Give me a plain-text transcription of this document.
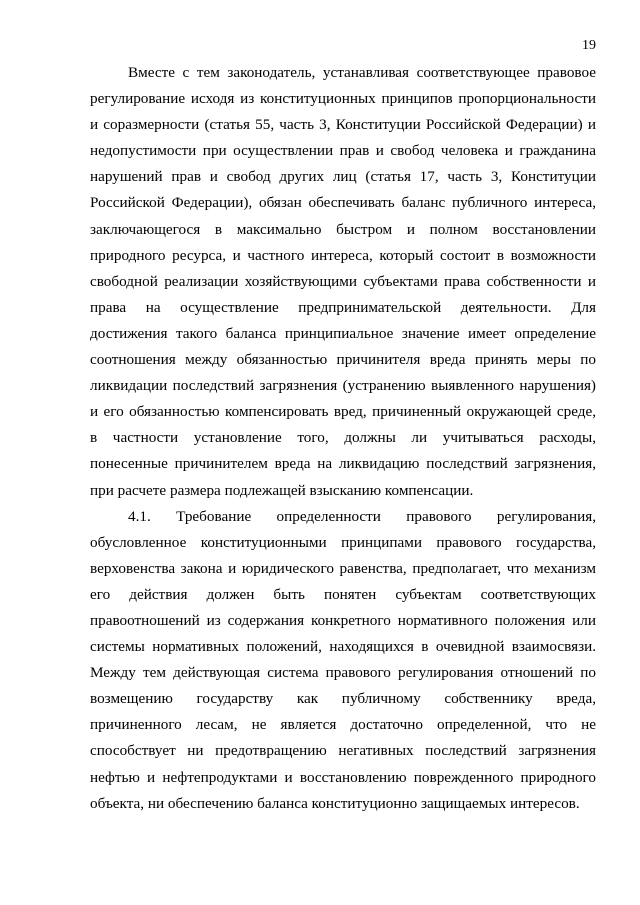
19
Вместе с тем законодатель, устанавливая соответствующее правовое
регулирование исходя из конституционных принципов пропорциональности
и соразмерности (статья 55, часть 3, Конституции Российской Федерации) и
недопустимости при осуществлении прав и свобод человека и гражданина
нарушений прав и свобод других лиц (статья 17, часть 3, Конституции
Российской Федерации), обязан обеспечивать баланс публичного интереса,
заключающегося в максимально быстром и полном восстановлении
природного ресурса, и частного интереса, который состоит в возможности
свободной реализации хозяйствующими субъектами права собственности и
права на осуществление предпринимательской деятельности. Для
достижения такого баланса принципиальное значение имеет определение
соотношения между обязанностью причинителя вреда принять меры по
ликвидации последствий загрязнения (устранению выявленного нарушения)
и его обязанностью компенсировать вред, причиненный окружающей среде,
в частности установление того, должны ли учитываться расходы,
понесенные причинителем вреда на ликвидацию последствий загрязнения,
при расчете размера подлежащей взысканию компенсации.
4.1. Требование определенности правового регулирования,
обусловленное конституционными принципами правового государства,
верховенства закона и юридического равенства, предполагает, что механизм
его действия должен быть понятен субъектам соответствующих
правоотношений из содержания конкретного нормативного положения или
системы нормативных положений, находящихся в очевидной взаимосвязи.
Между тем действующая система правового регулирования отношений по
возмещению государству как публичному собственнику вреда,
причиненного лесам, не является достаточно определенной, что не
способствует ни предотвращению негативных последствий загрязнения
нефтью и нефтепродуктами и восстановлению поврежденного природного
объекта, ни обеспечению баланса конституционно защищаемых интересов.
